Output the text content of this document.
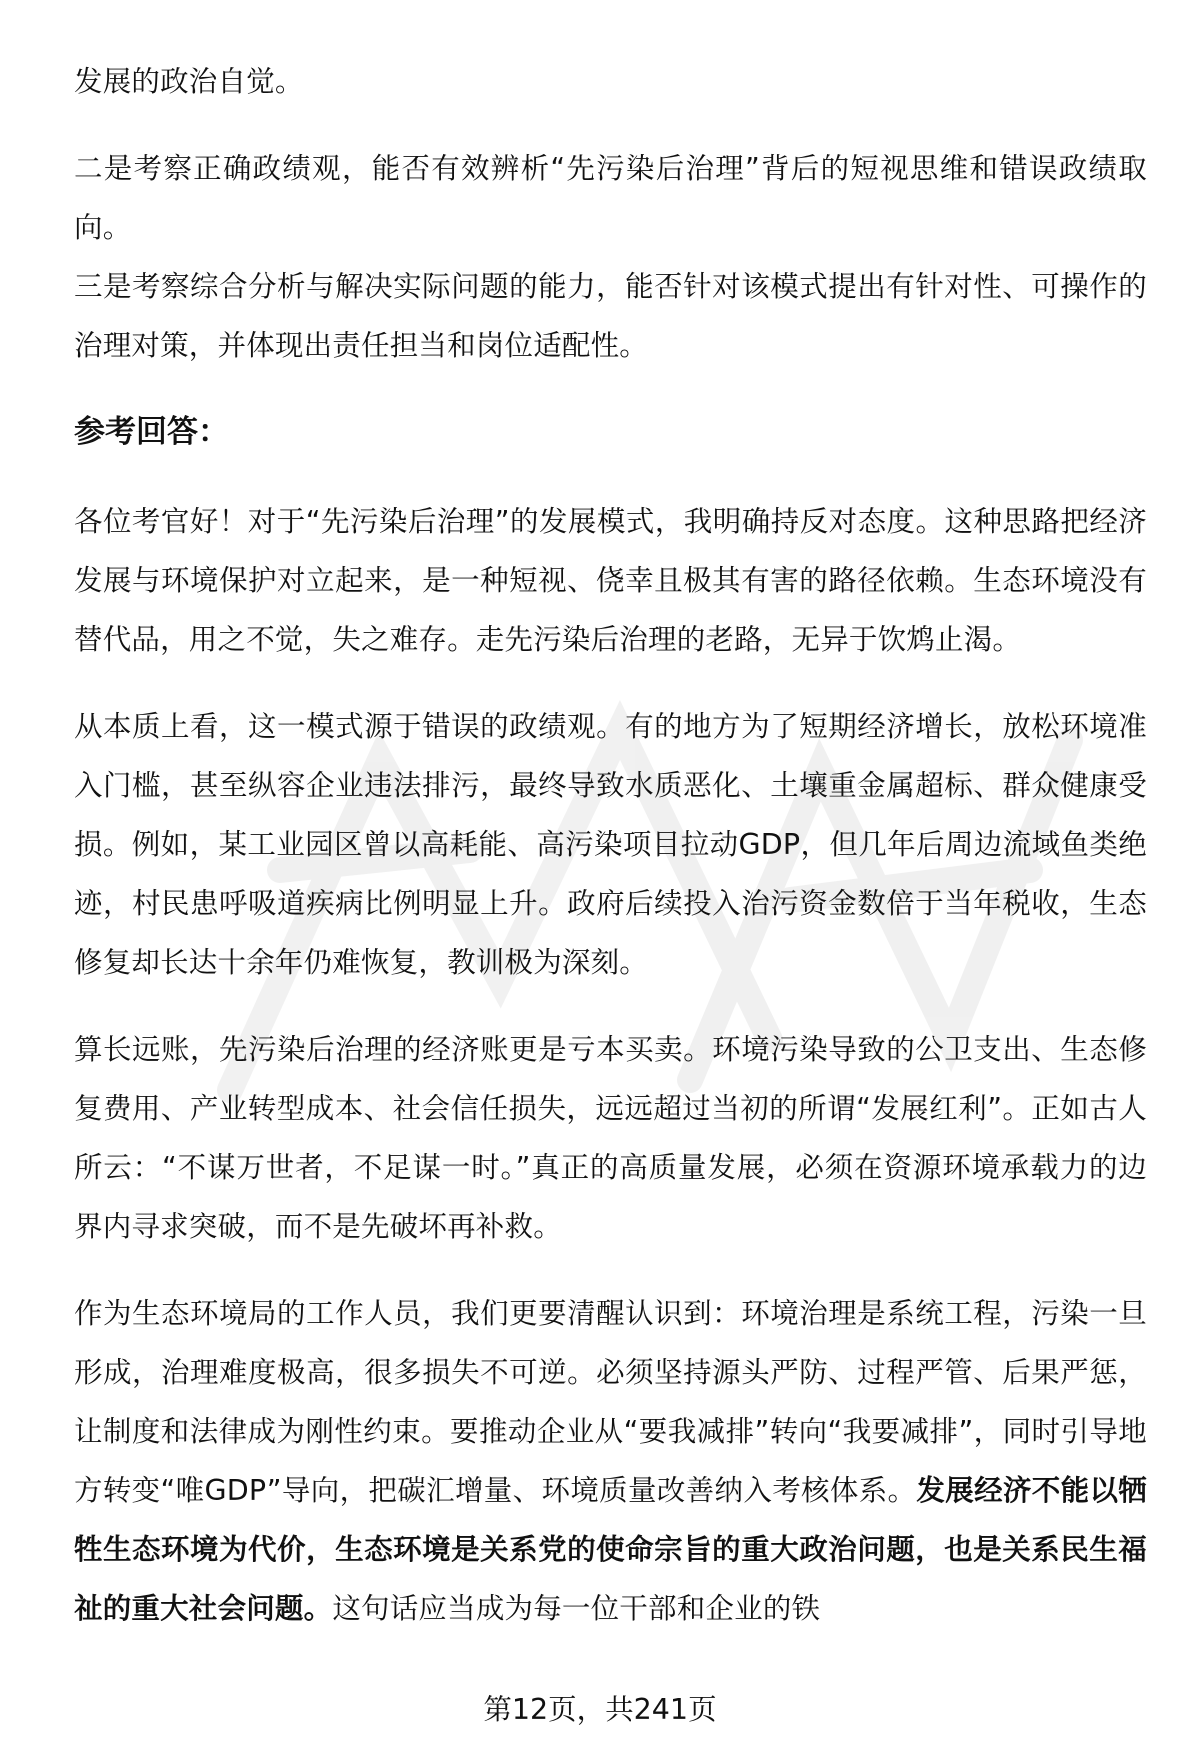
发展的政治自觉。

二是考察正确政绩观，能否有效辨析“先污染后治理”背后的短视思维和错误政绩取向。

三是考察综合分析与解决实际问题的能力，能否针对该模式提出有针对性、可操作的治理对策，并体现出责任担当和岗位适配性。

参考回答：

各位考官好！对于“先污染后治理”的发展模式，我明确持反对态度。这种思路把经济发展与环境保护对立起来，是一种短视、侥幸且极其有害的路径依赖。生态环境没有替代品，用之不觉，失之难存。走先污染后治理的老路，无异于饮鸩止渴。

从本质上看，这一模式源于错误的政绩观。有的地方为了短期经济增长，放松环境准入门槛，甚至纵容企业违法排污，最终导致水质恶化、土壤重金属超标、群众健康受损。例如，某工业园区曾以高耗能、高污染项目拉动GDP，但几年后周边流域鱼类绝迹，村民患呼吸道疾病比例明显上升。政府后续投入治污资金数倍于当年税收，生态修复却长达十余年仍难恢复，教训极为深刻。

算长远账，先污染后治理的经济账更是亏本买卖。环境污染导致的公卫支出、生态修复费用、产业转型成本、社会信任损失，远远超过当初的所谓“发展红利”。正如古人所云：“不谋万世者，不足谋一时。”真正的高质量发展，必须在资源环境承载力的边界内寻求突破，而不是先破坏再补救。

作为生态环境局的工作人员，我们更要清醒认识到：环境治理是系统工程，污染一旦形成，治理难度极高，很多损失不可逆。必须坚持源头严防、过程严管、后果严惩，让制度和法律成为刚性约束。要推动企业从“要我减排”转向“我要减排”，同时引导地方转变“唯GDP”导向，把碳汇增量、环境质量改善纳入考核体系。发展经济不能以牺牲生态环境为代价，生态环境是关系党的使命宗旨的重大政治问题，也是关系民生福祉的重大社会问题。这句话应当成为每一位干部和企业的铁

第12页，共241页
